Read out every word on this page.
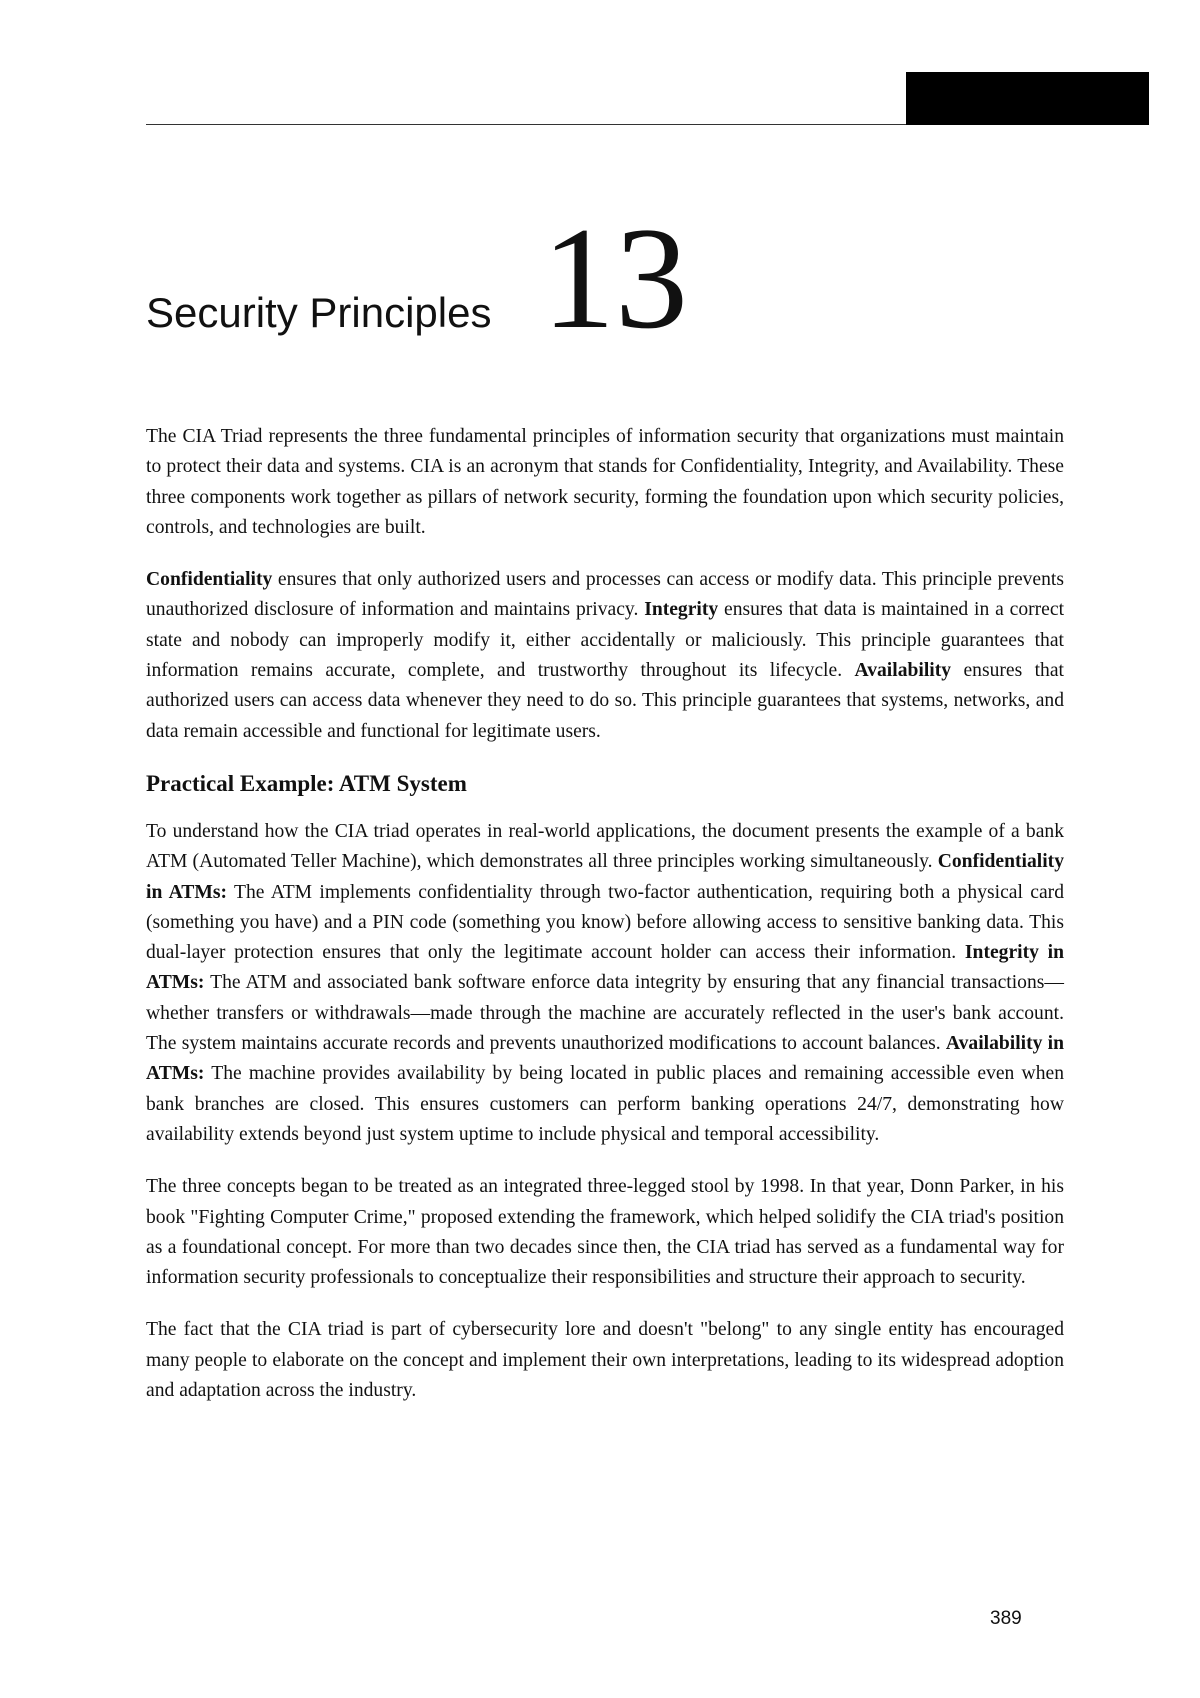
Security Principles 13

The CIA Triad represents the three fundamental principles of information security that organizations must maintain to protect their data and systems. CIA is an acronym that stands for Confidentiality, Integrity, and Availability. These three components work together as pillars of network security, forming the foundation upon which security policies, controls, and technologies are built.

Confidentiality ensures that only authorized users and processes can access or modify data. This principle prevents unauthorized disclosure of information and maintains privacy. Integrity ensures that data is maintained in a correct state and nobody can improperly modify it, either accidentally or maliciously. This principle guarantees that information remains accurate, complete, and trustworthy throughout its lifecycle. Availability ensures that authorized users can access data whenever they need to do so. This principle guarantees that systems, networks, and data remain accessible and functional for legitimate users.

Practical Example: ATM System

To understand how the CIA triad operates in real-world applications, the document presents the example of a bank ATM (Automated Teller Machine), which demonstrates all three principles working simultaneously. Confidentiality in ATMs: The ATM implements confidentiality through two-factor authentication, requiring both a physical card (something you have) and a PIN code (something you know) before allowing access to sensitive banking data. This dual-layer protection ensures that only the legitimate account holder can access their information. Integrity in ATMs: The ATM and associated bank software enforce data integrity by ensuring that any financial transactions—whether transfers or withdrawals—made through the machine are accurately reflected in the user's bank account. The system maintains accurate records and prevents unauthorized modifications to account balances. Availability in ATMs: The machine provides availability by being located in public places and remaining accessible even when bank branches are closed. This ensures customers can perform banking operations 24/7, demonstrating how availability extends beyond just system uptime to include physical and temporal accessibility.

The three concepts began to be treated as an integrated three-legged stool by 1998. In that year, Donn Parker, in his book "Fighting Computer Crime," proposed extending the framework, which helped solidify the CIA triad's position as a foundational concept. For more than two decades since then, the CIA triad has served as a fundamental way for information security professionals to conceptualize their responsibilities and structure their approach to security.

The fact that the CIA triad is part of cybersecurity lore and doesn't "belong" to any single entity has encouraged many people to elaborate on the concept and implement their own interpretations, leading to its widespread adoption and adaptation across the industry.

389
